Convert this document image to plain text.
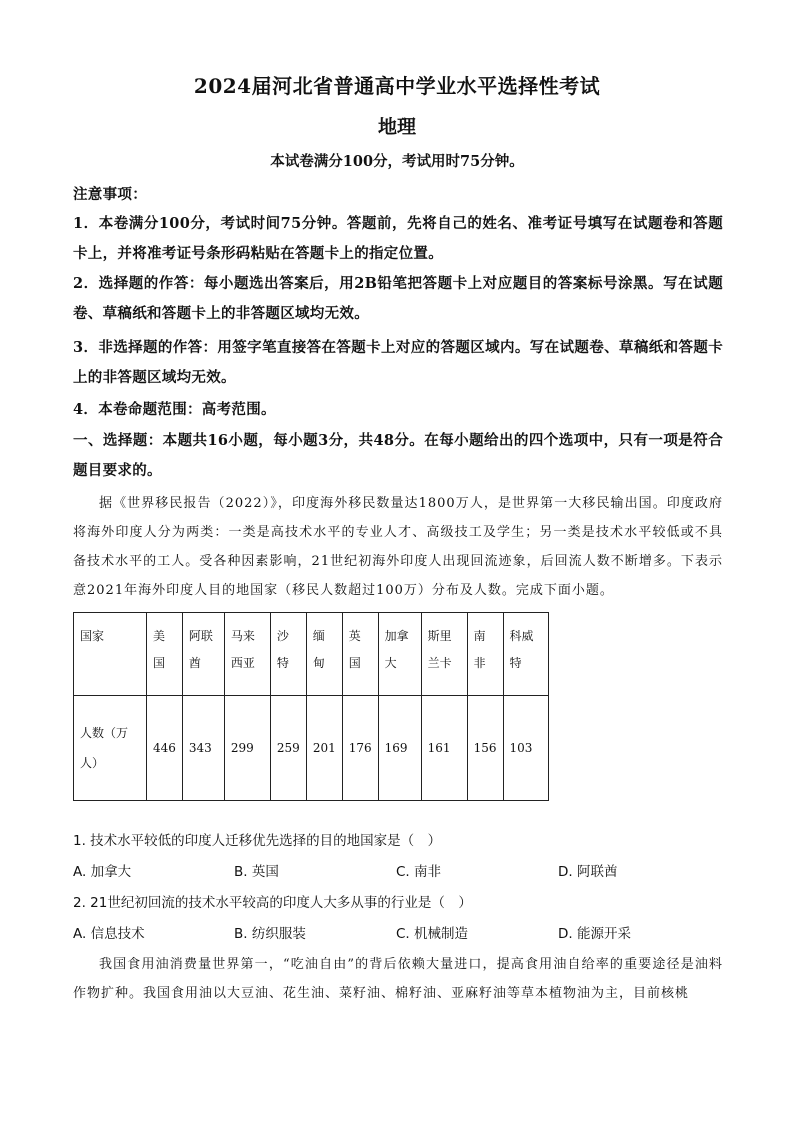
2024届河北省普通高中学业水平选择性考试
地理
本试卷满分100分，考试用时75分钟。
注意事项：
1．本卷满分100分，考试时间75分钟。答题前，先将自己的姓名、准考证号填写在试题卷和答题卡上，并将准考证号条形码粘贴在答题卡上的指定位置。
2．选择题的作答：每小题选出答案后，用2B铅笔把答题卡上对应题目的答案标号涂黑。写在试题卷、草稿纸和答题卡上的非答题区域均无效。
3．非选择题的作答：用签字笔直接答在答题卡上对应的答题区域内。写在试题卷、草稿纸和答题卡上的非答题区域均无效。
4．本卷命题范围：高考范围。
一、选择题：本题共16小题，每小题3分，共48分。在每小题给出的四个选项中，只有一项是符合题目要求的。
据《世界移民报告（2022）》，印度海外移民数量达1800万人，是世界第一大移民输出国。印度政府将海外印度人分为两类：一类是高技术水平的专业人才、高级技工及学生；另一类是技术水平较低或不具备技术水平的工人。受各种因素影响，21世纪初海外印度人出现回流迹象，后回流人数不断增多。下表示意2021年海外印度人目的地国家（移民人数超过100万）分布及人数。完成下面小题。
国家	美国	阿联酋	马来西亚	沙特	缅甸	英国	加拿大	斯里兰卡	南非	科威特

人数（万人）	446	343	299	259	201	176	169	161	156	103
1. 技术水平较低的印度人迁移优先选择的目的地国家是（　）
A. 加拿大	B. 英国	C. 南非	D. 阿联酋
2. 21世纪初回流的技术水平较高的印度人大多从事的行业是（　）
A. 信息技术	B. 纺织服装	C. 机械制造	D. 能源开采
我国食用油消费量世界第一，“吃油自由”的背后依赖大量进口，提高食用油自给率的重要途径是油料作物扩种。我国食用油以大豆油、花生油、菜籽油、棉籽油、亚麻籽油等草本植物油为主，目前核桃
